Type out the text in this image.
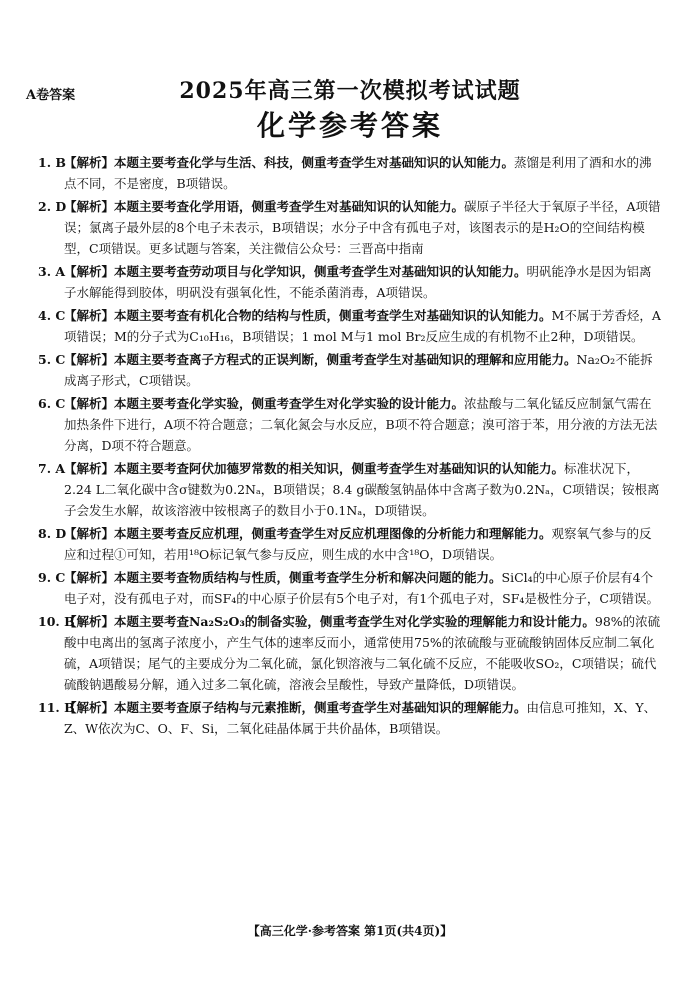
A卷答案	2025年高三第一次模拟考试试题
化学参考答案
1. B
【解析】本题主要考查化学与生活、科技，侧重考查学生对基础知识的认知能力。蒸馏是利用了酒和水的沸点不同，不是密度，B项错误。
2. D
【解析】本题主要考查化学用语，侧重考查学生对基础知识的认知能力。碳原子半径大于氧原子半径，A项错误；氯离子最外层的8个电子未表示，B项错误；水分子中含有孤电子对，该图表示的是H₂O的空间结构模型，C项错误。更多试题与答案，关注微信公众号：三晋高中指南
3. A
【解析】本题主要考查劳动项目与化学知识，侧重考查学生对基础知识的认知能力。明矾能净水是因为铝离子水解能得到胶体，明矾没有强氧化性，不能杀菌消毒，A项错误。
4. C
【解析】本题主要考查有机化合物的结构与性质，侧重考查学生对基础知识的认知能力。M不属于芳香烃，A项错误；M的分子式为C₁₀H₁₆，B项错误；1 mol M与1 mol Br₂反应生成的有机物不止2种，D项错误。
5. C
【解析】本题主要考查离子方程式的正误判断，侧重考查学生对基础知识的理解和应用能力。Na₂O₂不能拆成离子形式，C项错误。
6. C
【解析】本题主要考查化学实验，侧重考查学生对化学实验的设计能力。浓盐酸与二氧化锰反应制氯气需在加热条件下进行，A项不符合题意；二氧化氮会与水反应，B项不符合题意；溴可溶于苯，用分液的方法无法分离，D项不符合题意。
7. A
【解析】本题主要考查阿伏加德罗常数的相关知识，侧重考查学生对基础知识的认知能力。标准状况下，2.24 L二氧化碳中含σ键数为0.2Nₐ，B项错误；8.4 g碳酸氢钠晶体中含离子数为0.2Nₐ，C项错误；铵根离子会发生水解，故该溶液中铵根离子的数目小于0.1Nₐ，D项错误。
8. D
【解析】本题主要考查反应机理，侧重考查学生对反应机理图像的分析能力和理解能力。观察氧气参与的反应和过程①可知，若用¹⁸O标记氧气参与反应，则生成的水中含¹⁸O，D项错误。
9. C
【解析】本题主要考查物质结构与性质，侧重考查学生分析和解决问题的能力。SiCl₄的中心原子价层有4个电子对，没有孤电子对，而SF₄的中心原子价层有5个电子对，有1个孤电子对，SF₄是极性分子，C项错误。
10. B
【解析】本题主要考查Na₂S₂O₃的制备实验，侧重考查学生对化学实验的理解能力和设计能力。98%的浓硫酸中电离出的氢离子浓度小，产生气体的速率反而小，通常使用75%的浓硫酸与亚硫酸钠固体反应制二氧化硫，A项错误；尾气的主要成分为二氧化硫，氯化钡溶液与二氧化硫不反应，不能吸收SO₂，C项错误；硫代硫酸钠遇酸易分解，通入过多二氧化硫，溶液会呈酸性，导致产量降低，D项错误。
11. B
【解析】本题主要考查原子结构与元素推断，侧重考查学生对基础知识的理解能力。由信息可推知，X、Y、Z、W依次为C、O、F、Si，二氧化硅晶体属于共价晶体，B项错误。
【高三化学·参考答案 第1页(共4页)】
